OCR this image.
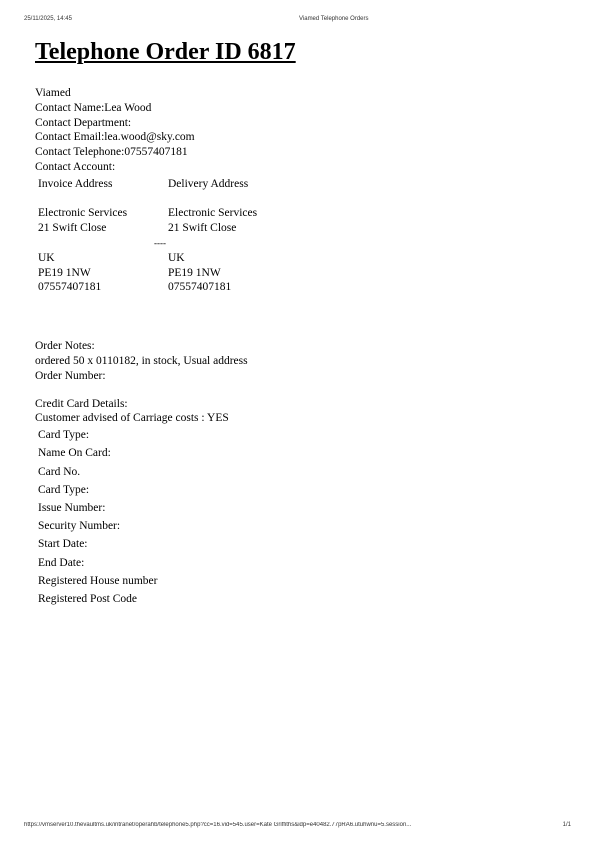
25/11/2025, 14:45	Viamed Telephone Orders
Telephone Order ID 6817
Viamed
Contact Name:Lea Wood
Contact Department:
Contact Email:lea.wood@sky.com
Contact Telephone:07557407181
Contact Account:
Invoice Address	Delivery Address

Electronic Services	Electronic Services
21 Swift Close	21 Swift Close
----	
UK	UK
PE19 1NW	PE19 1NW
07557407181	07557407181
Order Notes:
ordered 50 x 0110182, in stock, Usual address
Order Number:
Credit Card Details:
Customer advised of Carriage costs : YES
Card Type:
Name On Card:
Card No.
Card Type:
Issue Number:
Security Number:
Start Date:
End Date:
Registered House number
Registered Post Code
https://vmserver10.thevaultms.uk/intranet/operahb/telephone5.php?cc=16.vid=545.user=Kate Griffiths&idp=e40482.77pRA6.utuhwnu=5.session...	1/1
